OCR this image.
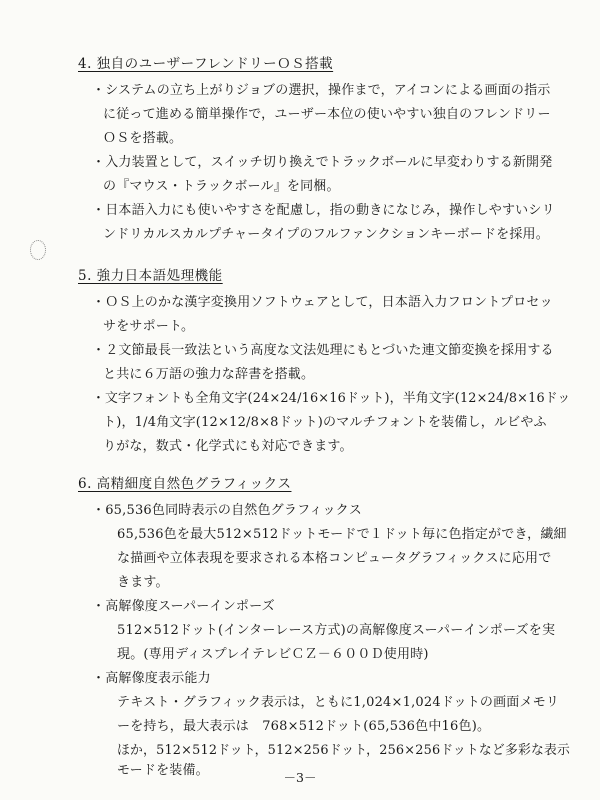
4. 独自のユーザーフレンドリーＯＳ搭載
・システムの立ち上がりジョブの選択，操作まで，アイコンによる画面の指示
に従って進める簡単操作で，ユーザー本位の使いやすい独自のフレンドリー
ＯＳを搭載。
・入力装置として，スイッチ切り換えでトラックボールに早変わりする新開発
の『マウス・トラックボール』を同梱。
・日本語入力にも使いやすさを配慮し，指の動きになじみ，操作しやすいシリ
ンドリカルスカルプチャータイプのフルファンクションキーボードを採用。
5. 強力日本語処理機能
・ＯＳ上のかな漢字変換用ソフトウェアとして，日本語入力フロントプロセッ
サをサポート。
・２文節最長一致法という高度な文法処理にもとづいた連文節変換を採用する
と共に６万語の強力な辞書を搭載。
・文字フォントも全角文字(24×24/16×16ドット)，半角文字(12×24/8×16ドッ
ト)，1/4角文字(12×12/8×8ドット)のマルチフォントを装備し，ルビやふ
りがな，数式・化学式にも対応できます。
6. 高精細度自然色グラフィックス
・65,536色同時表示の自然色グラフィックス
65,536色を最大512×512ドットモードで１ドット毎に色指定ができ，繊細
な描画や立体表現を要求される本格コンピュータグラフィックスに応用で
きます。
・高解像度スーパーインポーズ
512×512ドット(インターレース方式)の高解像度スーパーインポーズを実
現。(専用ディスプレイテレビＣＺ－６００Ｄ使用時)
・高解像度表示能力
テキスト・グラフィック表示は，ともに1,024×1,024ドットの画面メモリ
ーを持ち，最大表示は　768×512ドット(65,536色中16色)。
ほか，512×512ドット，512×256ドット，256×256ドットなど多彩な表示
モードを装備。	－3－
